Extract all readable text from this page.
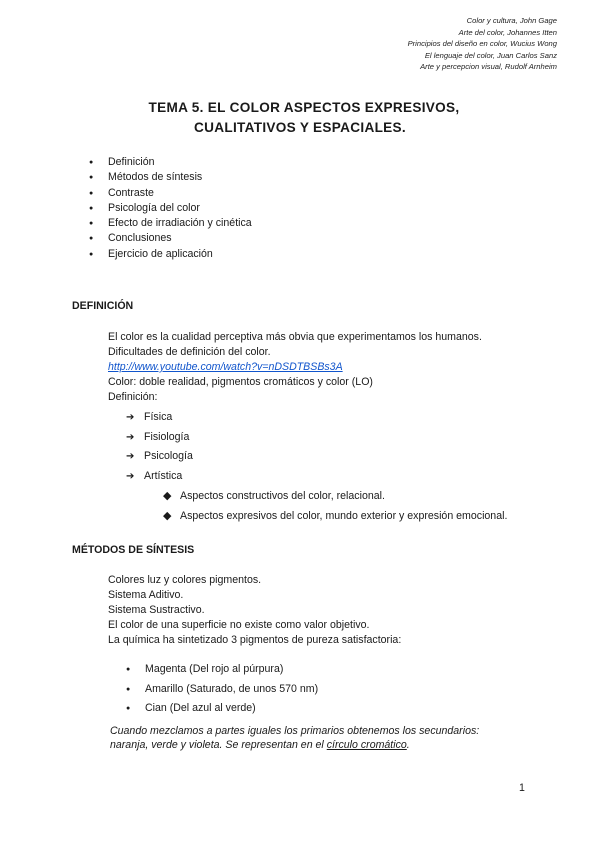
Color y cultura, John Gage
Arte del color, Johannes Itten
Principios del diseño en color, Wucius Wong
El lenguaje del color, Juan Carlos Sanz
Arte y percepcion visual, Rudolf Arnheim
TEMA 5. EL COLOR ASPECTOS EXPRESIVOS,
CUALITATIVOS Y ESPACIALES.
● Definición
● Métodos de síntesis
● Contraste
● Psicología del color
● Efecto de irradiación y cinética
● Conclusiones
● Ejercicio de aplicación
DEFINICIÓN
El color es la cualidad perceptiva más obvia que experimentamos los humanos.
Dificultades de definición del color.
http://www.youtube.com/watch?v=nDSDTBSBs3A
Color: doble realidad, pigmentos cromáticos y color (LO)
Definición:
➔ Física
➔ Fisiología
➔ Psicología
➔ Artística
◆ Aspectos constructivos del color, relacional.
◆ Aspectos expresivos del color, mundo exterior y expresión emocional.
MÉTODOS DE SÍNTESIS
Colores luz y colores pigmentos.
Sistema Aditivo.
Sistema Sustractivo.
El color de una superficie no existe como valor objetivo.
La química ha sintetizado 3 pigmentos de pureza satisfactoria:
● Magenta (Del rojo al púrpura)
● Amarillo (Saturado, de unos 570 nm)
● Cian (Del azul al verde)
Cuando mezclamos a partes iguales los primarios obtenemos los secundarios:
naranja, verde y violeta. Se representan en el círculo cromático.
1
